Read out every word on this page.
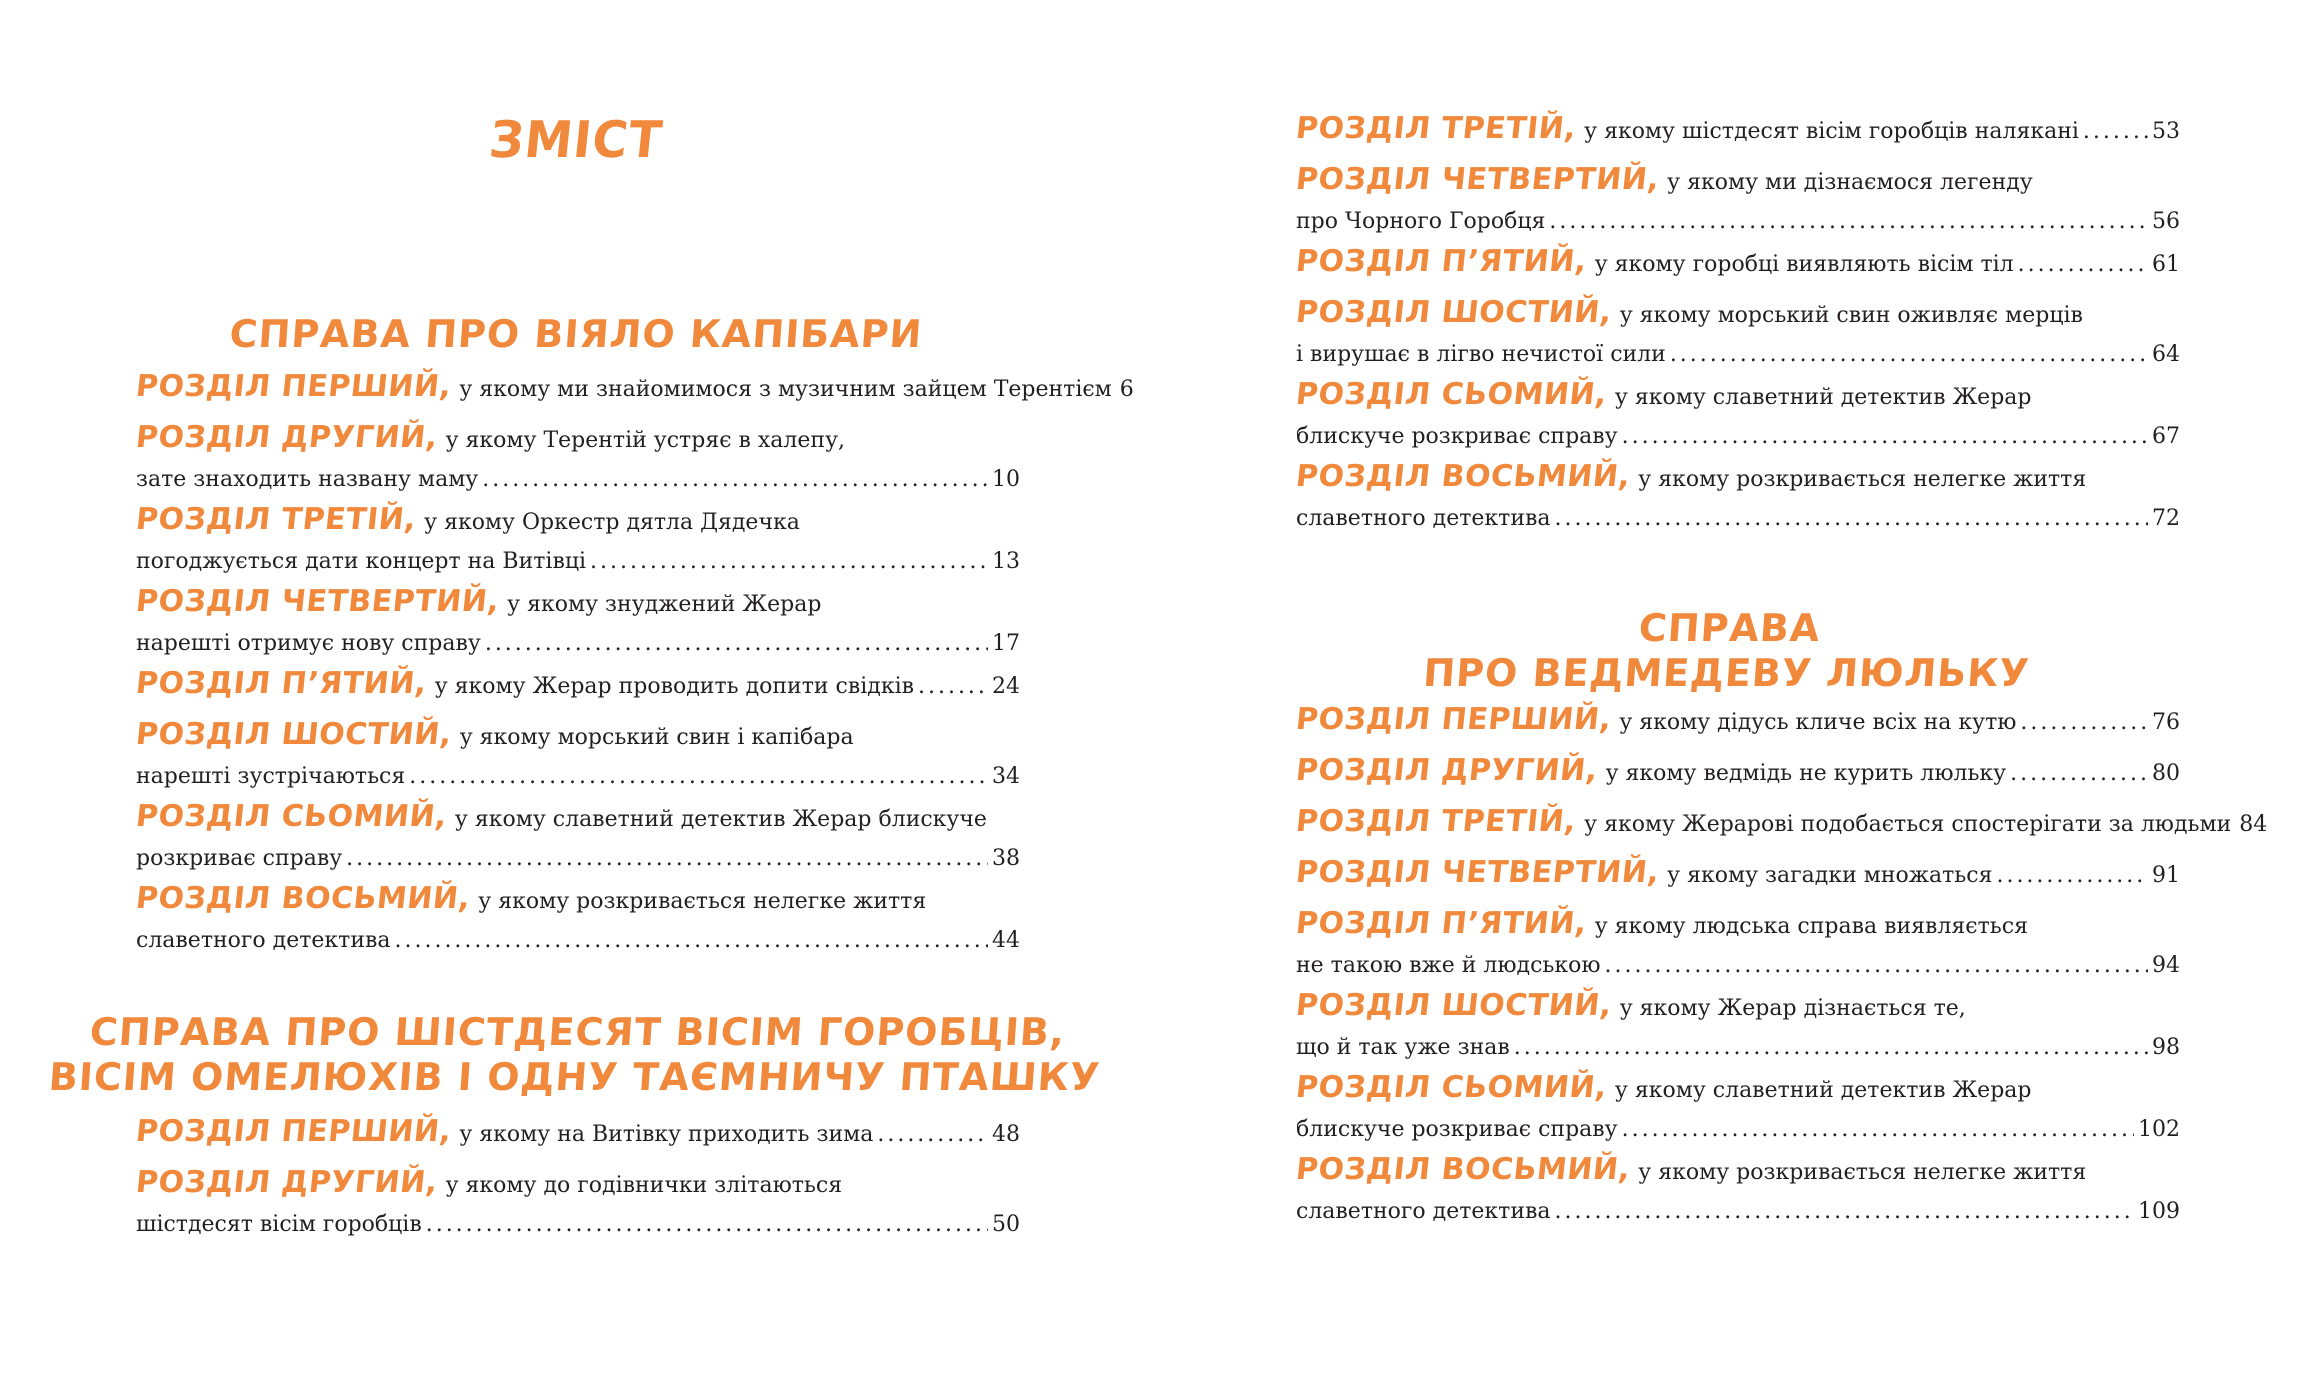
ЗМІСТ
СПРАВА ПРО ВІЯЛО КАПІБАРИ
РОЗДІЛ ПЕРШИЙ, у якому ми знайомимося з музичним зайцем Терентієм 6
РОЗДІЛ ДРУГИЙ, у якому Терентій устряє в халепу,
зате знаходить названу маму . . .	10
РОЗДІЛ ТРЕТІЙ, у якому Оркестр дятла Дядечка
погоджується дати концерт на Витівці . . .	13
РОЗДІЛ ЧЕТВЕРТИЙ, у якому знуджений Жерар
нарешті отримує нову справу . . .	17
РОЗДІЛ П’ЯТИЙ, у якому Жерар проводить допити свідків . . .	24
РОЗДІЛ ШОСТИЙ, у якому морський свин і капібара
нарешті зустрічаються . . .	34
РОЗДІЛ СЬОМИЙ, у якому славетний детектив Жерар блискуче
розкриває справу . . .	38
РОЗДІЛ ВОСЬМИЙ, у якому розкривається нелегке життя
славетного детектива . . .	44
СПРАВА ПРО ШІСТДЕСЯТ ВІСІМ ГОРОБЦІВ,
ВІСІМ ОМЕЛЮХІВ І ОДНУ ТАЄМНИЧУ ПТАШКУ
РОЗДІЛ ПЕРШИЙ, у якому на Витівку приходить зима . . .	48
РОЗДІЛ ДРУГИЙ, у якому до годівнички злітаються
шістдесят вісім горобців . . .	50
РОЗДІЛ ТРЕТІЙ, у якому шістдесят вісім горобців налякані . . .	53
РОЗДІЛ ЧЕТВЕРТИЙ, у якому ми дізнаємося легенду
про Чорного Горобця . . .	56
РОЗДІЛ П’ЯТИЙ, у якому горобці виявляють вісім тіл . . .	61
РОЗДІЛ ШОСТИЙ, у якому морський свин оживляє мерців
і вирушає в лігво нечистої сили . . .	64
РОЗДІЛ СЬОМИЙ, у якому славетний детектив Жерар
блискуче розкриває справу . . .	67
РОЗДІЛ ВОСЬМИЙ, у якому розкривається нелегке життя
славетного детектива . . .	72
СПРАВА
ПРО ВЕДМЕДЕВУ ЛЮЛЬКУ
РОЗДІЛ ПЕРШИЙ, у якому дідусь кличе всіх на кутю . . .	76
РОЗДІЛ ДРУГИЙ, у якому ведмідь не курить люльку . . .	80
РОЗДІЛ ТРЕТІЙ, у якому Жерарові подобається спостерігати за людьми 84
РОЗДІЛ ЧЕТВЕРТИЙ, у якому загадки множаться . . .	91
РОЗДІЛ П’ЯТИЙ, у якому людська справа виявляється
не такою вже й людською . . .	94
РОЗДІЛ ШОСТИЙ, у якому Жерар дізнається те,
що й так уже знав . . .	98
РОЗДІЛ СЬОМИЙ, у якому славетний детектив Жерар
блискуче розкриває справу . . .	102
РОЗДІЛ ВОСЬМИЙ, у якому розкривається нелегке життя
славетного детектива . . .	109
